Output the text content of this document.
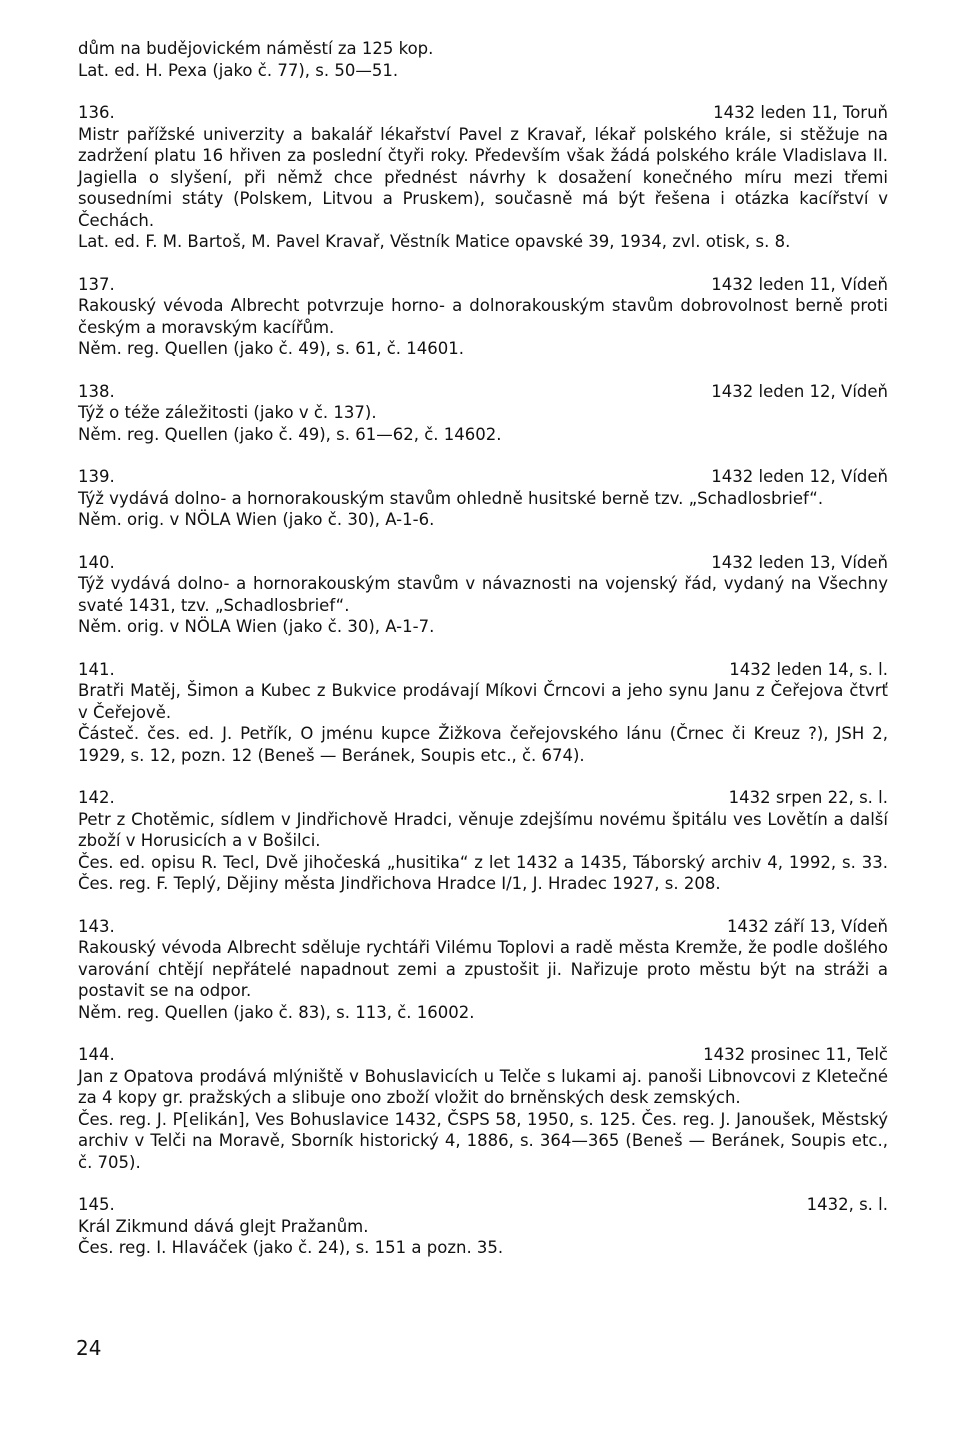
dům na budějovickém náměstí za 125 kop.

Lat. ed. H. Pexa (jako č. 77), s. 50—51.

136.	1432 leden 11, Toruň

Mistr pařížské univerzity a bakalář lékařství Pavel z Kravař, lékař polského krále, si stěžuje na zadržení platu 16 hřiven za poslední čtyři roky. Především však žádá polského krále Vladislava II. Jagiella o slyšení, při němž chce přednést návrhy k dosažení konečného míru mezi třemi sousedními státy (Polskem, Litvou a Pruskem), současně má být řešena i otázka kacířství v Čechách.

Lat. ed. F. M. Bartoš, M. Pavel Kravař, Věstník Matice opavské 39, 1934, zvl. otisk, s. 8.

137.	1432 leden 11, Vídeň

Rakouský vévoda Albrecht potvrzuje horno- a dolnorakouským stavům dobrovolnost berně proti českým a moravským kacířům.

Něm. reg. Quellen (jako č. 49), s. 61, č. 14601.

138.	1432 leden 12, Vídeň

Týž o téže záležitosti (jako v č. 137).

Něm. reg. Quellen (jako č. 49), s. 61—62, č. 14602.

139.	1432 leden 12, Vídeň

Týž vydává dolno- a hornorakouským stavům ohledně husitské berně tzv. „Schadlosbrief“.

Něm. orig. v NÖLA Wien (jako č. 30), A-1-6.

140.	1432 leden 13, Vídeň

Týž vydává dolno- a hornorakouským stavům v návaznosti na vojenský řád, vydaný na Všechny svaté 1431, tzv. „Schadlosbrief“.

Něm. orig. v NÖLA Wien (jako č. 30), A-1-7.

141.	1432 leden 14, s. l.

Bratři Matěj, Šimon a Kubec z Bukvice prodávají Míkovi Črncovi a jeho synu Janu z Čeřejova čtvrť v Čeřejově.

Částeč. čes. ed. J. Petřík, O jménu kupce Žižkova čeřejovského lánu (Črnec či Kreuz ?), JSH 2, 1929, s. 12, pozn. 12 (Beneš — Beránek, Soupis etc., č. 674).

142.	1432 srpen 22, s. l.

Petr z Chotěmic, sídlem v Jindřichově Hradci, věnuje zdejšímu novému špitálu ves Lovětín a další zboží v Horusicích a v Bošilci.

Čes. ed. opisu R. Tecl, Dvě jihočeská „husitika“ z let 1432 a 1435, Táborský archiv 4, 1992, s. 33. Čes. reg. F. Teplý, Dějiny města Jindřichova Hradce I/1, J. Hradec 1927, s. 208.

143.	1432 září 13, Vídeň

Rakouský vévoda Albrecht sděluje rychtáři Vilému Toplovi a radě města Kremže, že podle došlého varování chtějí nepřátelé napadnout zemi a zpustošit ji. Nařizuje proto městu být na stráži a postavit se na odpor.

Něm. reg. Quellen (jako č. 83), s. 113, č. 16002.

144.	1432 prosinec 11, Telč

Jan z Opatova prodává mlýniště v Bohuslavicích u Telče s lukami aj. panoši Libnovcovi z Kletečné za 4 kopy gr. pražských a slibuje ono zboží vložit do brněnských desk zemských.

Čes. reg. J. P[elikán], Ves Bohuslavice 1432, ČSPS 58, 1950, s. 125. Čes. reg. J. Janoušek, Městský archiv v Telči na Moravě, Sborník historický 4, 1886, s. 364—365 (Beneš — Beránek, Soupis etc., č. 705).

145.	1432, s. l.

Král Zikmund dává glejt Pražanům.

Čes. reg. I. Hlaváček (jako č. 24), s. 151 a pozn. 35.

24
